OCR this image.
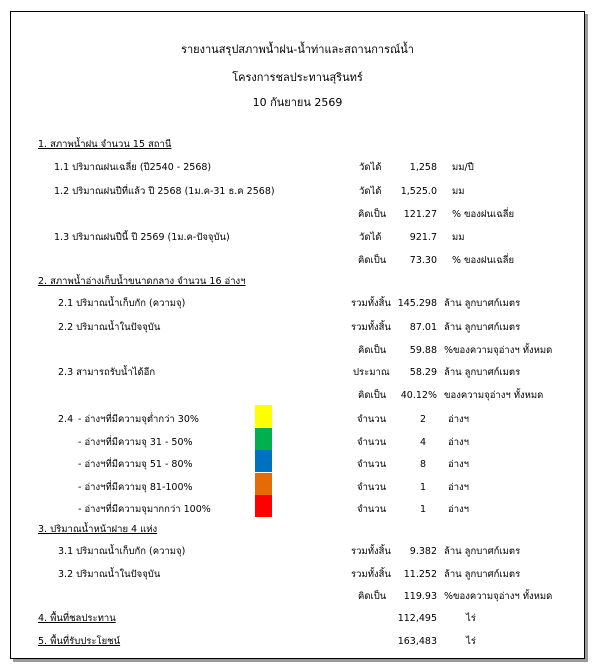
รายงานสรุปสภาพน้ำฝน-น้ำท่าและสถานการณ์น้ำ
โครงการชลประทานสุรินทร์
10 กันยายน 2569
1. สภาพน้ำฝน จำนวน 15 สถานี
1.1 ปริมาณฝนเฉลี่ย (ปี2540 - 2568)	วัดได้	1,258 มม/ปี
1.2 ปริมาณฝนปีที่แล้ว ปี 2568 (1ม.ค-31 ธ.ค 2568)	วัดได้	1,525.0 มม
คิดเป็น	121.27 % ของฝนเฉลี่ย
1.3 ปริมาณฝนปีนี้ ปี 2569 (1ม.ค-ปัจจุบัน)	วัดได้	921.7 มม
คิดเป็น	73.30 % ของฝนเฉลี่ย
2. สภาพน้ำอ่างเก็บน้ำขนาดกลาง จำนวน 16 อ่างฯ
2.1 ปริมาณน้ำเก็บกัก (ความจุ)	รวมทั้งสิ้น 145.298 ล้าน ลูกบาศก์เมตร
2.2 ปริมาณน้ำในปัจจุบัน	รวมทั้งสิ้น	87.01 ล้าน ลูกบาศก์เมตร
คิดเป็น	59.88 %ของความจุอ่างฯ ทั้งหมด
2.3 สามารถรับน้ำได้อีก	ประมาณ	58.29 ล้าน ลูกบาศก์เมตร
คิดเป็น	40.12% ของความจุอ่างฯ ทั้งหมด
2.4 - อ่างฯที่มีความจุต่ำกว่า 30%	จำนวน	2 อ่างฯ
- อ่างฯที่มีความจุ 31 - 50%	จำนวน	4 อ่างฯ
- อ่างฯที่มีความจุ 51 - 80%	จำนวน	8 อ่างฯ
- อ่างฯที่มีความจุ 81-100%	จำนวน	1 อ่างฯ
- อ่างฯที่มีความจุมากกว่า 100%	จำนวน	1 อ่างฯ
3. ปริมาณน้ำหน้าฝาย 4 แห่ง
3.1 ปริมาณน้ำเก็บกัก (ความจุ)	รวมทั้งสิ้น	9.382 ล้าน ลูกบาศก์เมตร
3.2 ปริมาณน้ำในปัจจุบัน	รวมทั้งสิ้น	11.252 ล้าน ลูกบาศก์เมตร
คิดเป็น	119.93 %ของความจุอ่างฯ ทั้งหมด
4. พื้นที่ชลประทาน	112,495	ไร่
5. พื้นที่รับประโยชน์	163,483	ไร่
